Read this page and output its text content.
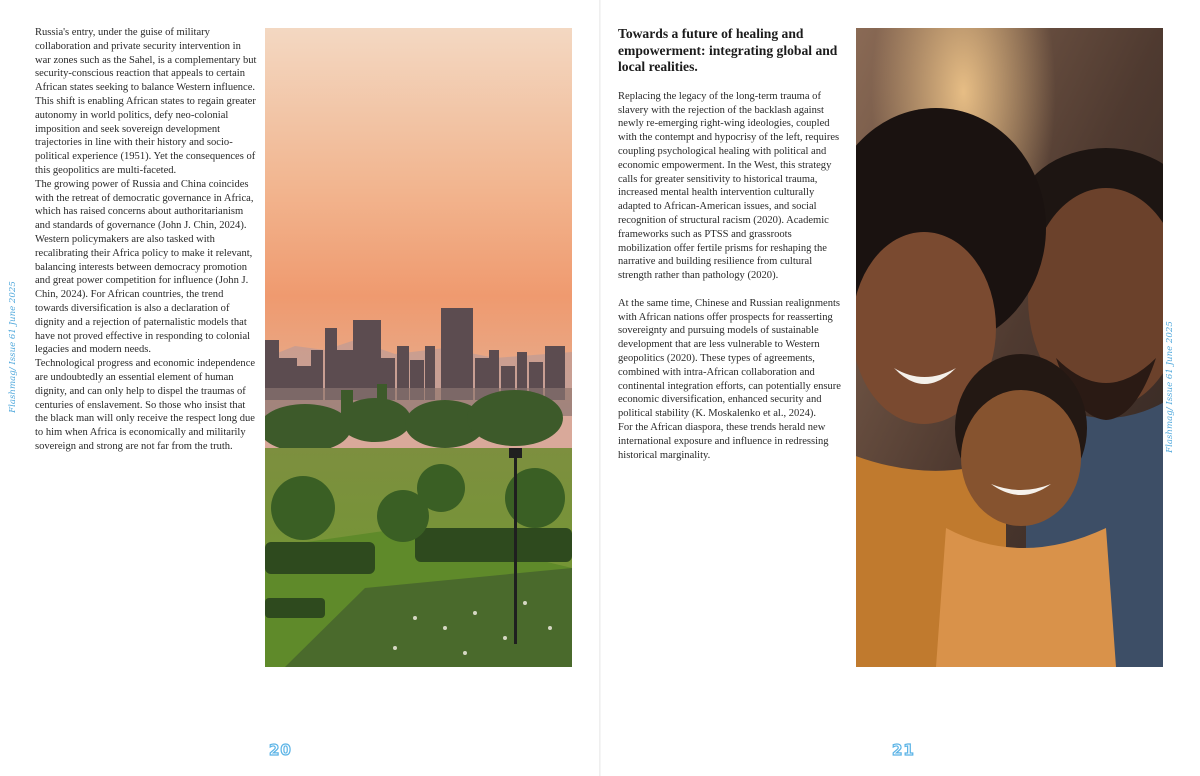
Flashmag/ Issue 61 June 2025

Russia's entry, under the guise of military collaboration and private security intervention in war zones such as the Sahel, is a complementary but security-conscious reaction that appeals to certain African states seeking to balance Western influence. This shift is enabling African states to regain greater autonomy in world politics, defy neo-colonial imposition and seek sovereign development trajectories in line with their history and socio-political experience (1951). Yet the consequences of this geopolitics are multi-faceted.

The growing power of Russia and China coincides with the retreat of democratic governance in Africa, which has raised concerns about authoritarianism and standards of governance (John J. Chin, 2024). Western policymakers are also tasked with recalibrating their Africa policy to make it relevant, balancing interests between democracy promotion and great power competition for influence (John J. Chin, 2024). For African countries, the trend towards diversification is also a declaration of dignity and a rejection of paternalistic models that have not proved effective in responding to colonial legacies and modern needs.

Technological progress and economic independence are undoubtedly an essential element of human dignity, and can only help to dispel the traumas of centuries of enslavement. So those who insist that the black man will only receive the respect long due to him when Africa is economically and militarily sovereign and strong are not far from the truth.

20
Towards a future of healing and empowerment: integrating global and local realities.

Replacing the legacy of the long-term trauma of slavery with the rejection of the backlash against newly re-emerging right-wing ideologies, coupled with the contempt and hypocrisy of the left, requires coupling psychological healing with political and economic empowerment. In the West, this strategy calls for greater sensitivity to historical trauma, increased mental health intervention culturally adapted to African-American issues, and social recognition of structural racism (2020). Academic frameworks such as PTSS and grassroots mobilization offer fertile prisms for reshaping the narrative and building resilience from cultural strength rather than pathology (2020).

At the same time, Chinese and Russian realignments with African nations offer prospects for reasserting sovereignty and pursuing models of sustainable development that are less vulnerable to Western geopolitics (2020). These types of agreements, combined with intra-African collaboration and continental integration efforts, can potentially ensure economic diversification, enhanced security and political stability (K. Moskalenko et al., 2024).

For the African diaspora, these trends herald new international exposure and influence in redressing historical marginality.

Flashmag/ Issue 61 June 2025
21
